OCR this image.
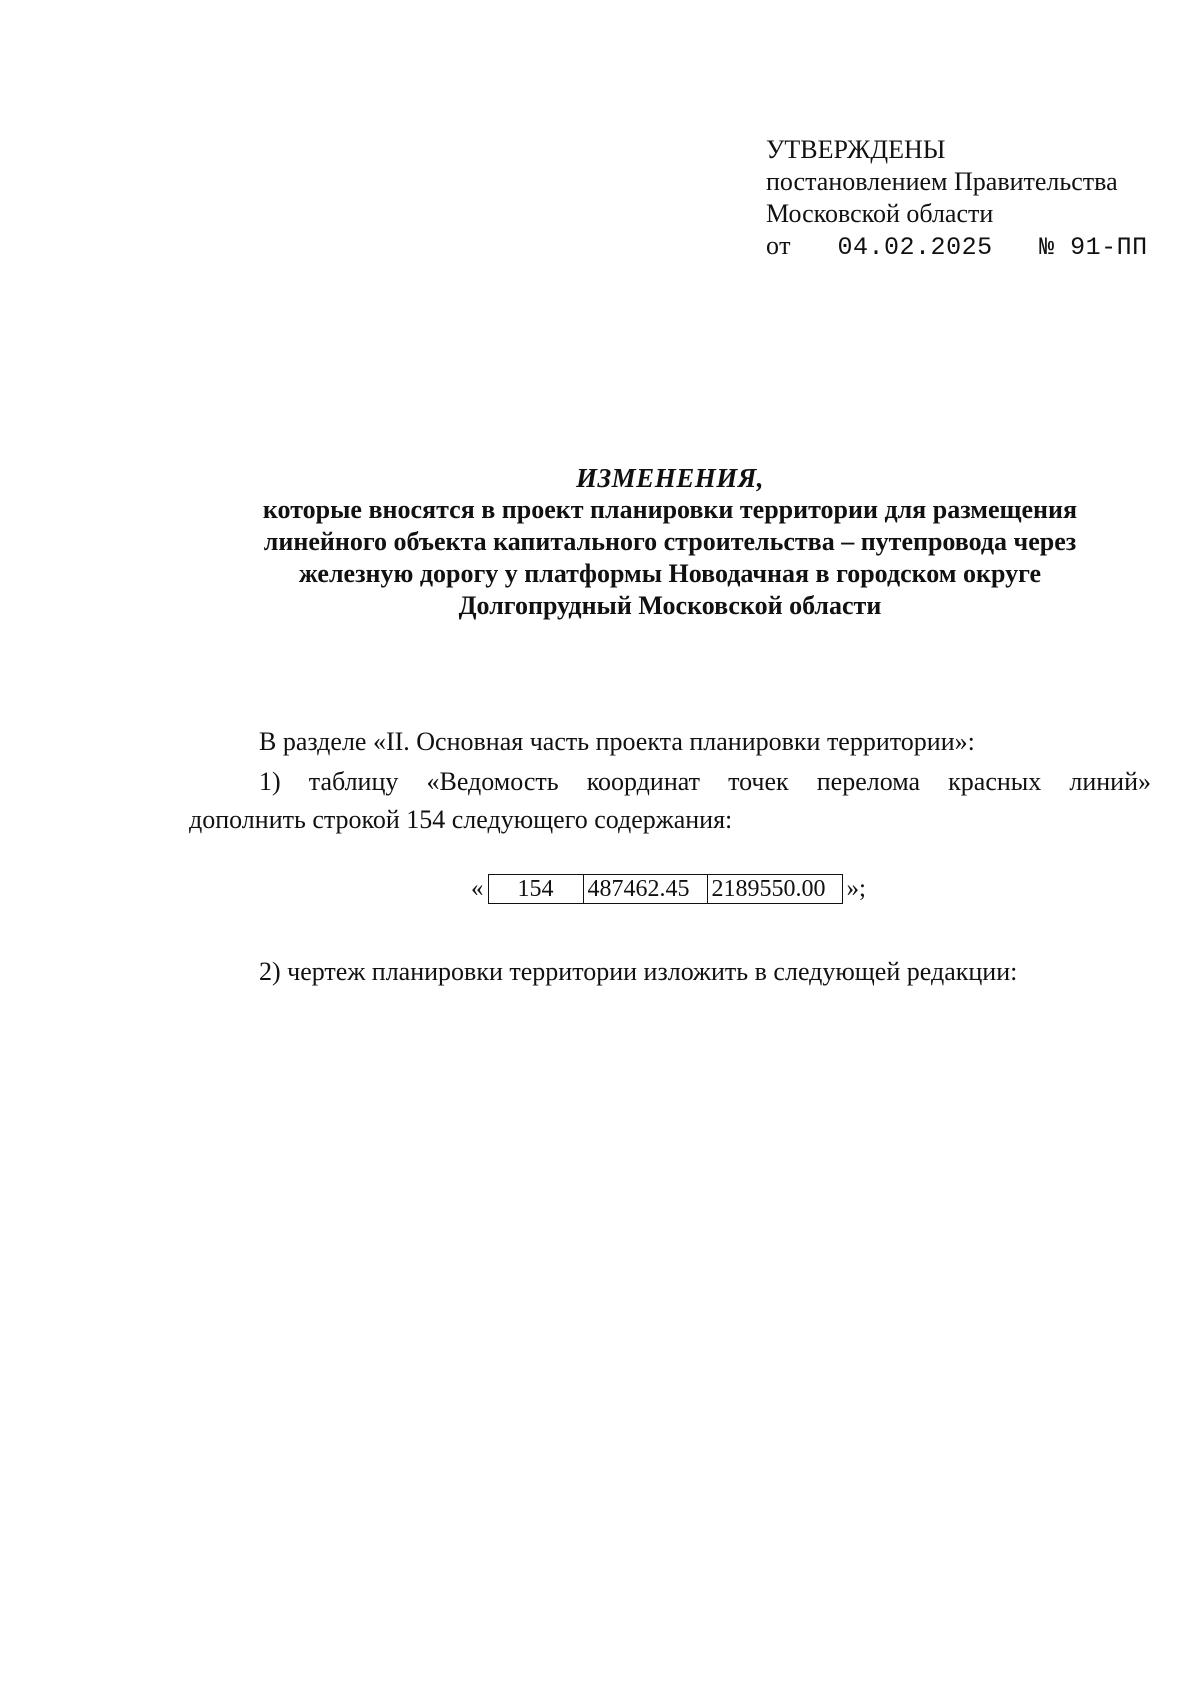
УТВЕРЖДЕНЫ
постановлением Правительства
Московской области
от 04.02.2025 № 91-ПП
ИЗМЕНЕНИЯ,
которые вносятся в проект планировки территории для размещения
линейного объекта капитального строительства – путепровода через
железную дорогу у платформы Новодачная в городском округе
Долгопрудный Московской области
В разделе «II. Основная часть проекта планировки территории»:
1) таблицу «Ведомость координат точек перелома красных линий»
дополнить строкой 154 следующего содержания:
« 154	487462.45	2189550.00 »;
2) чертеж планировки территории изложить в следующей редакции:
